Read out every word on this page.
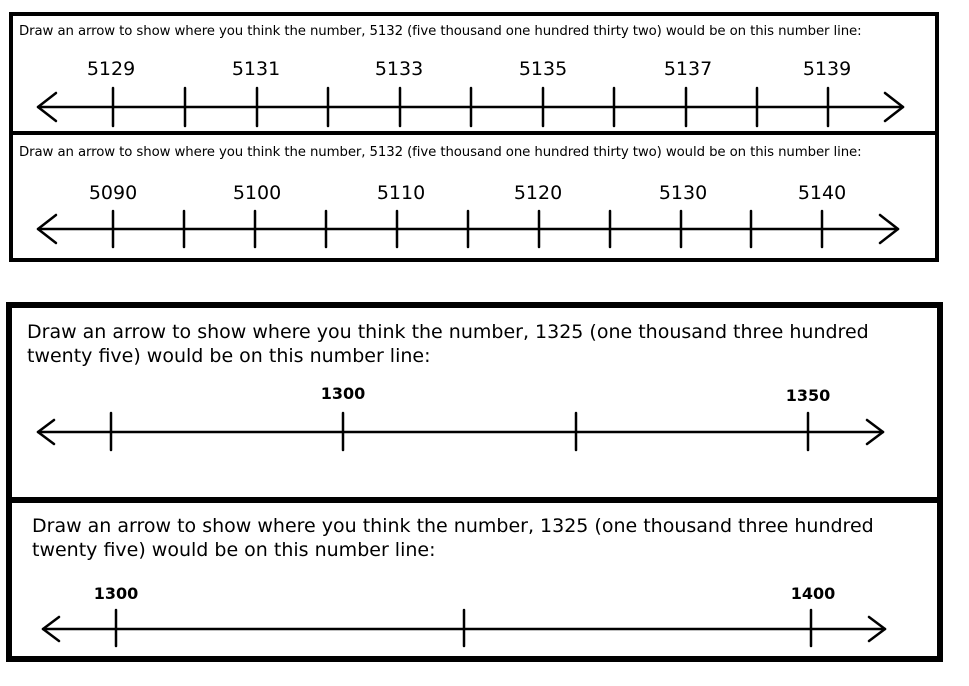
Draw an arrow to show where you think the number, 5132 (five thousand one hundred thirty two) would be on this number line:

5129	5131	5133	5135	5137	5139

Draw an arrow to show where you think the number, 5132 (five thousand one hundred thirty two) would be on this number line:

5090	5100	5110	5120	5130	5140

Draw an arrow to show where you think the number, 1325 (one thousand three hundred twenty five) would be on this number line:

1300	1350

Draw an arrow to show where you think the number, 1325 (one thousand three hundred twenty five) would be on this number line:

1300	1400
